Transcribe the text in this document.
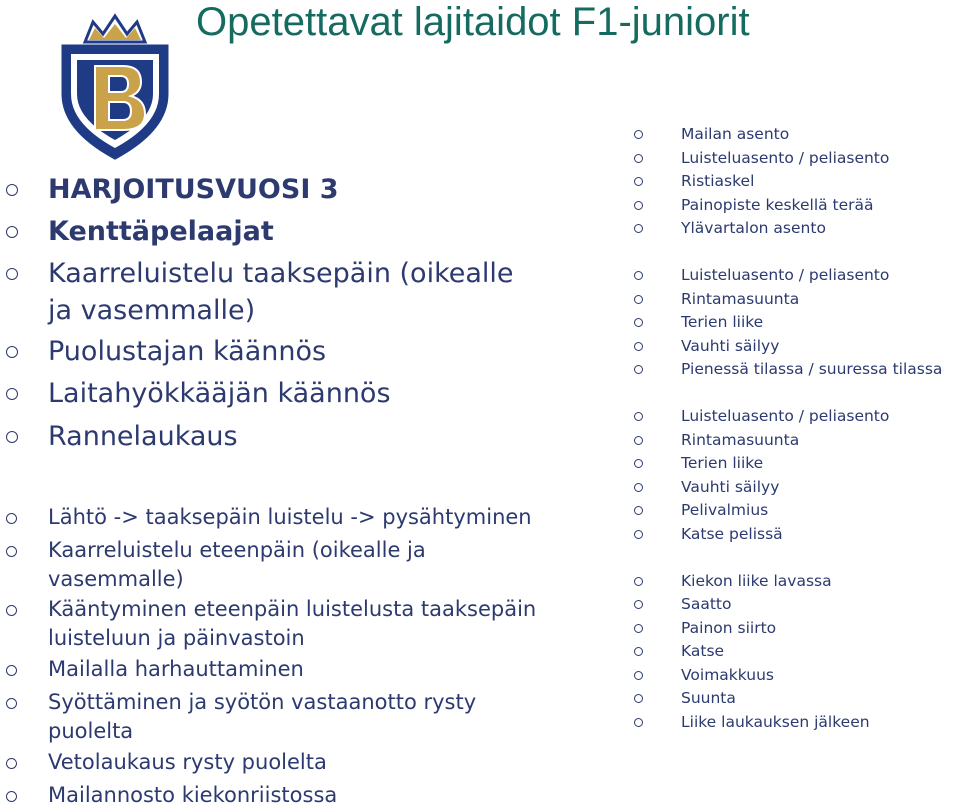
Opetettavat lajitaidot F1-juniorit
HARJOITUSVUOSI 3
Kenttäpelaajat
Kaarreluistelu taaksepäin (oikealle
ja vasemmalle)
Puolustajan käännös
Laitahyökkääjän käännös
Rannelaukaus
Lähtö -> taaksepäin luistelu -> pysähtyminen
Kaarreluistelu eteenpäin (oikealle ja
vasemmalle)
Kääntyminen eteenpäin luistelusta taaksepäin
luisteluun ja päinvastoin
Mailalla harhauttaminen
Syöttäminen ja syötön vastaanotto rysty
puolelta
Vetolaukaus rysty puolelta
Mailannosto kiekonriistossa
Mailan asento
Luisteluasento / peliasento
Ristiaskel
Painopiste keskellä terää
Ylävartalon asento
Luisteluasento / peliasento
Rintamasuunta
Terien liike
Vauhti säilyy
Pienessä tilassa / suuressa tilassa
Luisteluasento / peliasento
Rintamasuunta
Terien liike
Vauhti säilyy
Pelivalmius
Katse pelissä
Kiekon liike lavassa
Saatto
Painon siirto
Katse
Voimakkuus
Suunta
Liike laukauksen jälkeen
